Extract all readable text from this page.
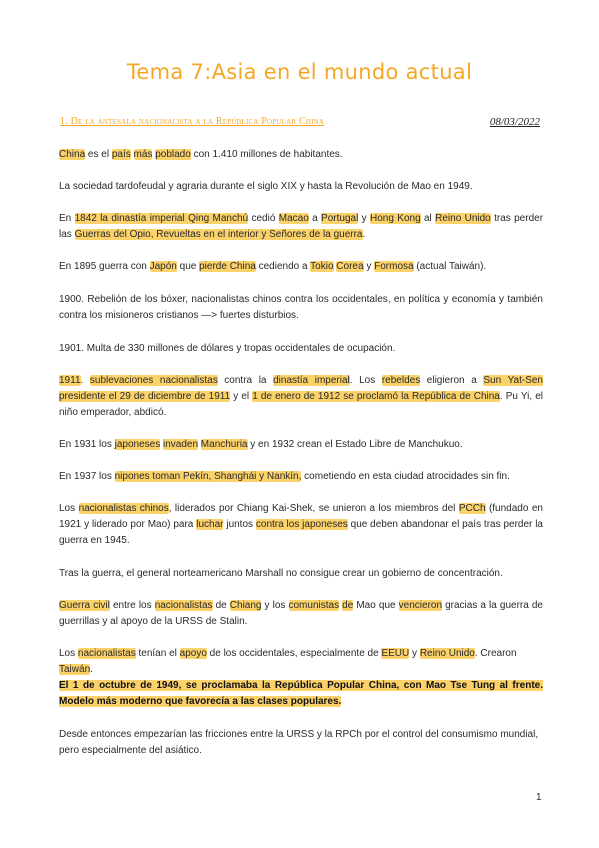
Tema 7:Asia en el mundo actual
1. De la antesala nacionalista a la República Popular China	08/03/2022

China es el país más poblado con 1.410 millones de habitantes.

La sociedad tardofeudal y agraria durante el siglo XIX y hasta la Revolución de Mao en 1949.

En 1842 la dinastía imperial Qing Manchú cedió Macao a Portugal y Hong Kong al Reino Unido tras perder las Guerras del Opio, Revueltas en el interior y Señores de la guerra.

En 1895 guerra con Japón que pierde China cediendo a Tokio Corea y Formosa (actual Taiwán).

1900. Rebelión de los bóxer, nacionalistas chinos contra los occidentales, en política y economía y también contra los misioneros cristianos —> fuertes disturbios.

1901. Multa de 330 millones de dólares y tropas occidentales de ocupación.

1911. sublevaciones nacionalistas contra la dinastía imperial. Los rebeldes eligieron a Sun Yat-Sen presidente el 29 de diciembre de 1911 y el 1 de enero de 1912 se proclamó la República de China. Pu Yi, el niño emperador, abdicó.

En 1931 los japoneses invaden Manchuria y en 1932 crean el Estado Libre de Manchukuo.

En 1937 los nipones toman Pekín, Shanghái y Nankín, cometiendo en esta ciudad atrocidades sin fin.

Los nacionalistas chinos, liderados por Chiang Kai-Shek, se unieron a los miembros del PCCh (fundado en 1921 y liderado por Mao) para luchar juntos contra los japoneses que deben abandonar el país tras perder la guerra en 1945.

Tras la guerra, el general norteamericano Marshall no consigue crear un gobierno de concentración.

Guerra civil entre los nacionalistas de Chiang y los comunistas de Mao que vencieron gracias a la guerra de guerrillas y al apoyo de la URSS de Stalin.

Los nacionalistas tenían el apoyo de los occidentales, especialmente de EEUU y Reino Unido. Crearon Taiwán.

El 1 de octubre de 1949, se proclamaba la República Popular China, con Mao Tse Tung al frente. Modelo más moderno que favorecía a las clases populares.

Desde entonces empezarían las fricciones entre la URSS y la RPCh por el control del consumismo mundial, pero especialmente del asiático.

1
